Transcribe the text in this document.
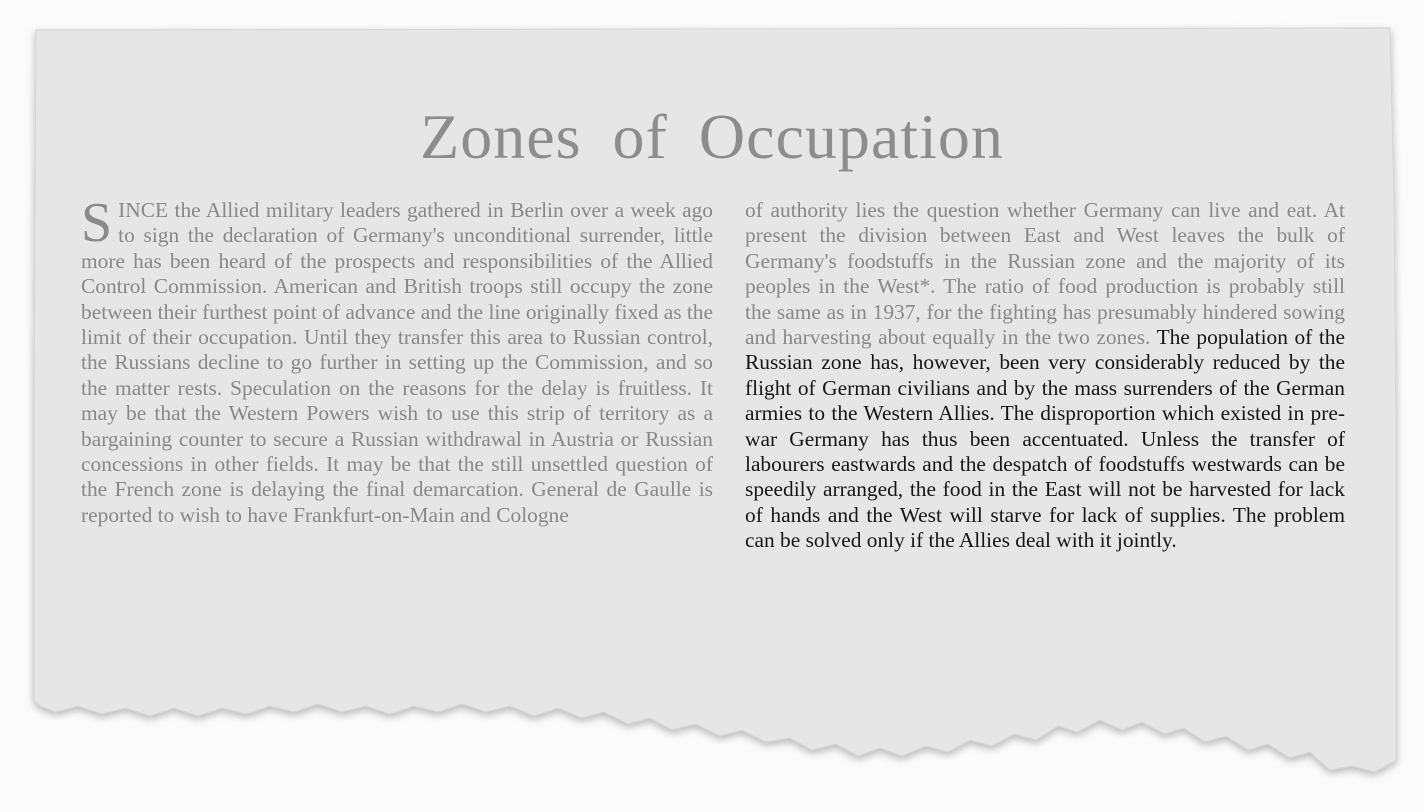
Zones of Occupation
S INCE the Allied military leaders gathered in Berlin over a week ago to sign the declaration of Germany's unconditional surrender, little more has been heard of the prospects and responsibilities of the Allied Control Commission. American and British troops still occupy the zone between their furthest point of advance and the line originally fixed as the limit of their occupation. Until they transfer this area to Russian control, the Russians decline to go further in setting up the Commission, and so the matter rests. Speculation on the reasons for the delay is fruitless. It may be that the Western Powers wish to use this strip of territory as a bargaining counter to secure a Russian withdrawal in Austria or Russian concessions in other fields. It may be that the still unsettled question of the French zone is delaying the final demarcation. General de Gaulle is reported to wish to have Frankfurt-on-Main and Cologne
of authority lies the question whether Germany can live and eat. At present the division between East and West leaves the bulk of Germany's foodstuffs in the Russian zone and the majority of its peoples in the West*. The ratio of food production is probably still the same as in 1937, for the fighting has presumably hindered sowing and harvesting about equally in the two zones. The population of the Russian zone has, however, been very considerably reduced by the flight of German civilians and by the mass surrenders of the German armies to the Western Allies. The disproportion which existed in pre-war Germany has thus been accentuated. Unless the transfer of labourers eastwards and the despatch of foodstuffs westwards can be speedily arranged, the food in the East will not be harvested for lack of hands and the West will starve for lack of supplies. The problem can be solved only if the Allies deal with it jointly.
